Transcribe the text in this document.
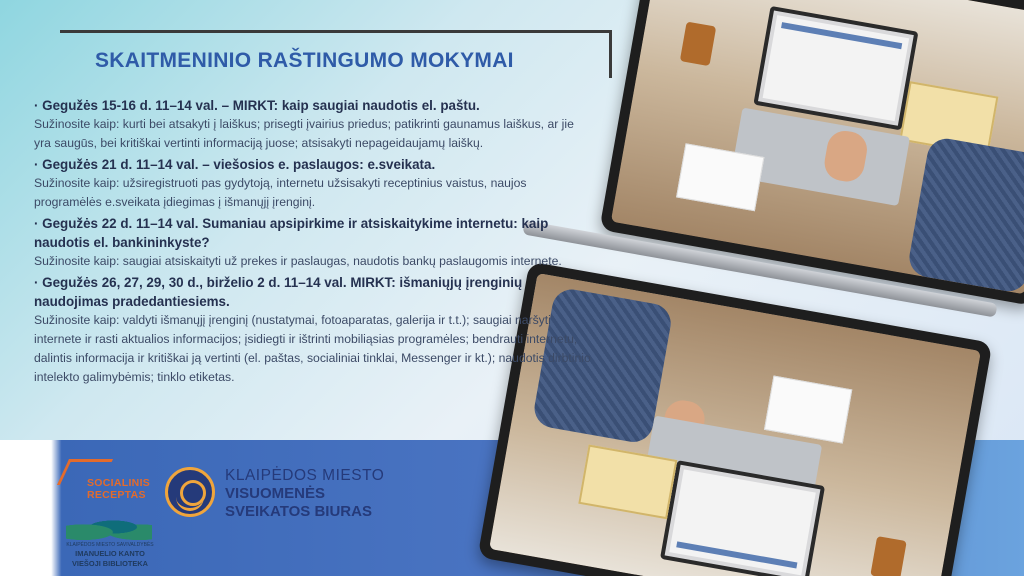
SKAITMENINIO RAŠTINGUMO MOKYMAI
· Gegužės 15-16 d. 11–14 val. – MIRKT: kaip saugiai naudotis el. paštu.
Sužinosite kaip: kurti bei atsakyti į laiškus; prisegti įvairius priedus; patikrinti gaunamus laiškus, ar jie yra saugūs, bei kritiškai vertinti informaciją juose; atsisakyti nepageidaujamų laiškų.
· Gegužės 21 d. 11–14 val. – viešosios e. paslaugos: e.sveikata.
Sužinosite kaip: užsiregistruoti pas gydytoją, internetu užsisakyti receptinius vaistus, naujos programėlės e.sveikata įdiegimas į išmanųjį įrenginį.
· Gegužės 22 d. 11–14 val. Sumaniau apsipirkime ir atsiskaitykime internetu: kaip naudotis el. bankininkyste?
Sužinosite kaip: saugiai atsiskaityti už prekes ir paslaugas, naudotis bankų paslaugomis internete.
· Gegužės 26, 27, 29, 30 d., birželio 2 d. 11–14 val. MIRKT: išmaniųjų įrenginių naudojimas pradedantiesiems.
Sužinosite kaip: valdyti išmanųjį įrenginį (nustatymai, fotoaparatas, galerija ir t.t.); saugiai naršyti internete ir rasti aktualios informacijos; įsidiegti ir ištrinti mobiliąsias programėles; bendrauti internetu, dalintis informacija ir kritiškai ją vertinti (el. paštas, socialiniai tinklai, Messenger ir kt.); naudotis dirbtinio intelekto galimybėmis; tinklo etiketas.
SOCIALINIS
RECEPTAS
KLAIPĖDOS MIESTO SAVIVALDYBĖS
IMANUELIO KANTO
VIEŠOJI BIBLIOTEKA
KLAIPĖDOS MIESTO
VISUOMENĖS
SVEIKATOS BIURAS
